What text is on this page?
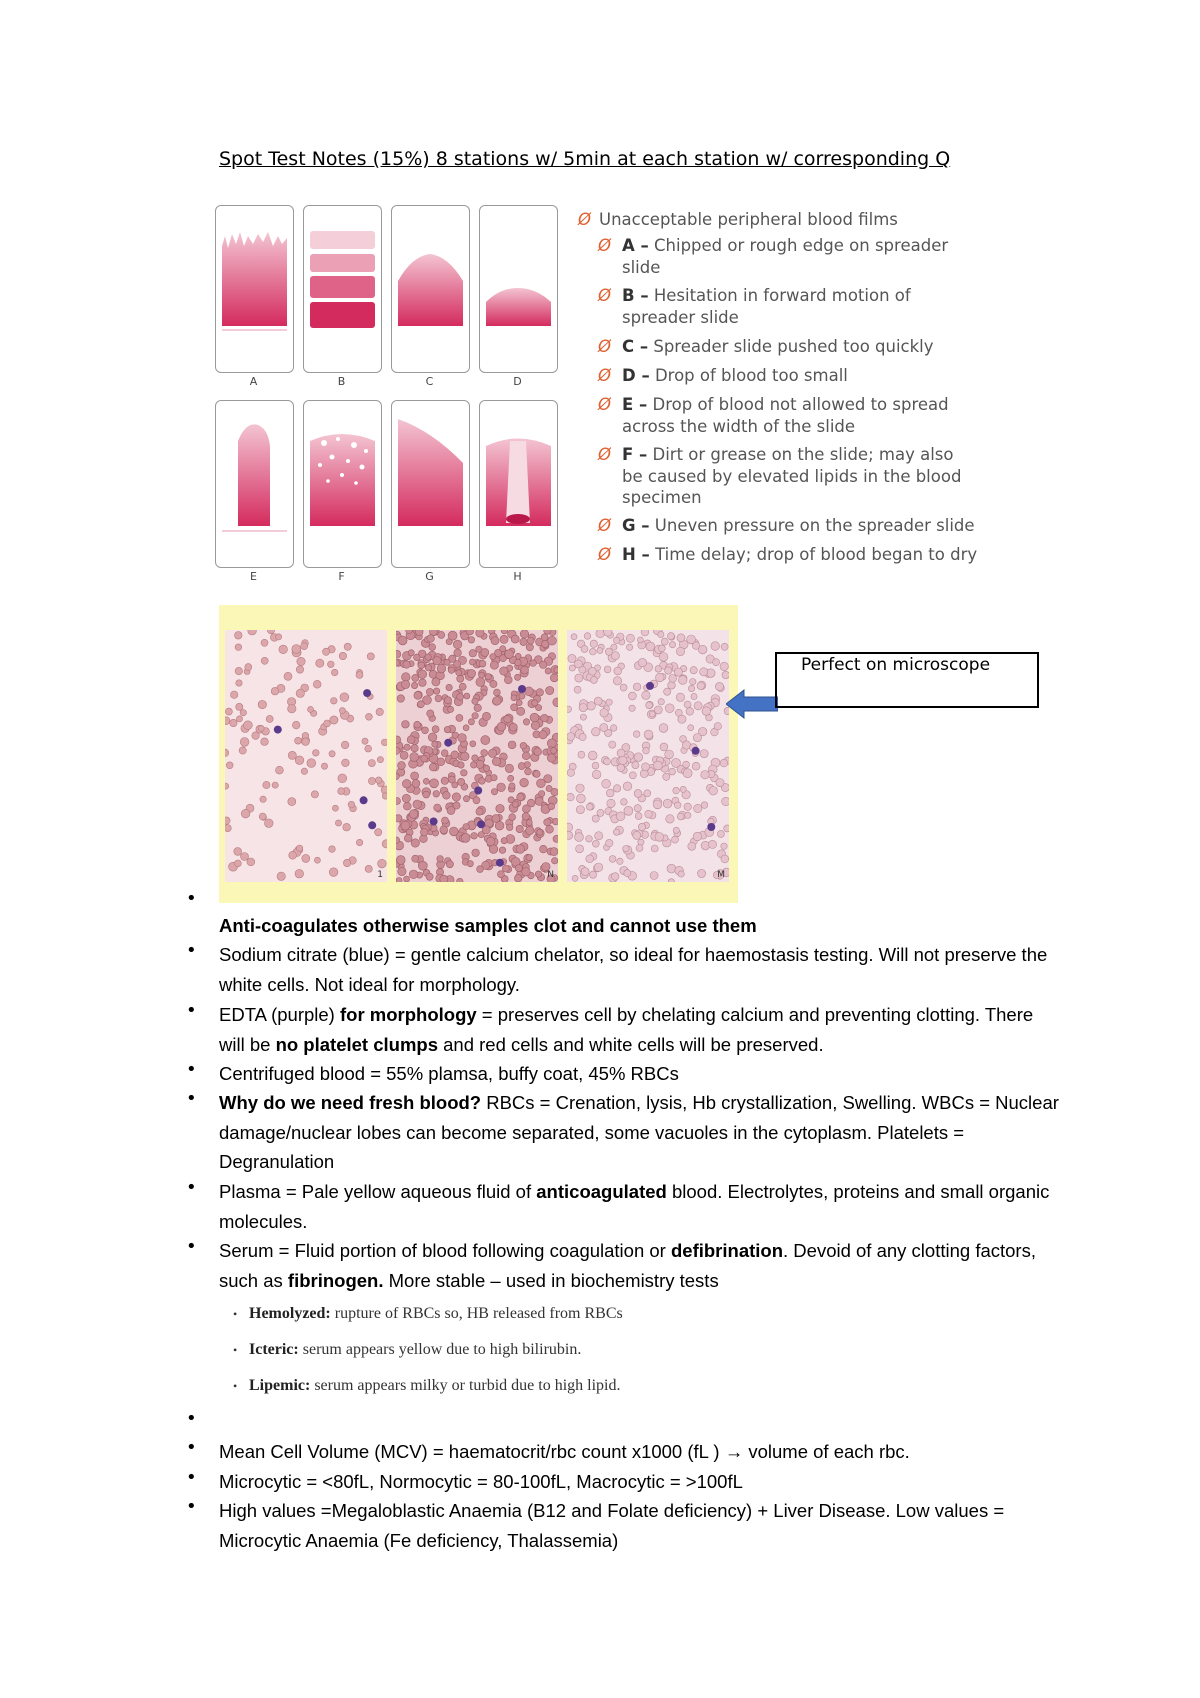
Spot Test Notes (15%) 8 stations w/ 5min at each station w/ corresponding Q
A	B	C	D
E	F	G	H
Ø Unacceptable peripheral blood films
Ø A – Chipped or rough edge on spreader slide
Ø B – Hesitation in forward motion of spreader slide
Ø C – Spreader slide pushed too quickly
Ø D – Drop of blood too small
Ø E – Drop of blood not allowed to spread across the width of the slide
Ø F – Dirt or grease on the slide; may also be caused by elevated lipids in the blood specimen
Ø G – Uneven pressure on the spreader slide
Ø H – Time delay; drop of blood began to dry
1	N	M
Perfect on microscope
•
Anti-coagulates otherwise samples clot and cannot use them
•
Sodium citrate (blue) = gentle calcium chelator, so ideal for haemostasis testing. Will not preserve the white cells. Not ideal for morphology.
•
EDTA (purple) for morphology = preserves cell by chelating calcium and preventing clotting. There will be no platelet clumps and red cells and white cells will be preserved.
•
Centrifuged blood = 55% plamsa, buffy coat, 45% RBCs
•
Why do we need fresh blood? RBCs = Crenation, lysis, Hb crystallization, Swelling. WBCs = Nuclear damage/nuclear lobes can become separated, some vacuoles in the cytoplasm. Platelets = Degranulation
•
Plasma = Pale yellow aqueous fluid of anticoagulated blood. Electrolytes, proteins and small organic molecules.
•
Serum = Fluid portion of blood following coagulation or defibrination. Devoid of any clotting factors, such as fibrinogen. More stable – used in biochemistry tests
• Hemolyzed: rupture of RBCs so, HB released from RBCs
• Icteric: serum appears yellow due to high bilirubin.
• Lipemic: serum appears milky or turbid due to high lipid.
•
•
Mean Cell Volume (MCV) = haematocrit/rbc count x1000 (fL ) → volume of each rbc.
•
Microcytic = <80fL, Normocytic = 80-100fL, Macrocytic = >100fL
•
High values =Megaloblastic Anaemia (B12 and Folate deficiency) + Liver Disease. Low values = Microcytic Anaemia (Fe deficiency, Thalassemia)
